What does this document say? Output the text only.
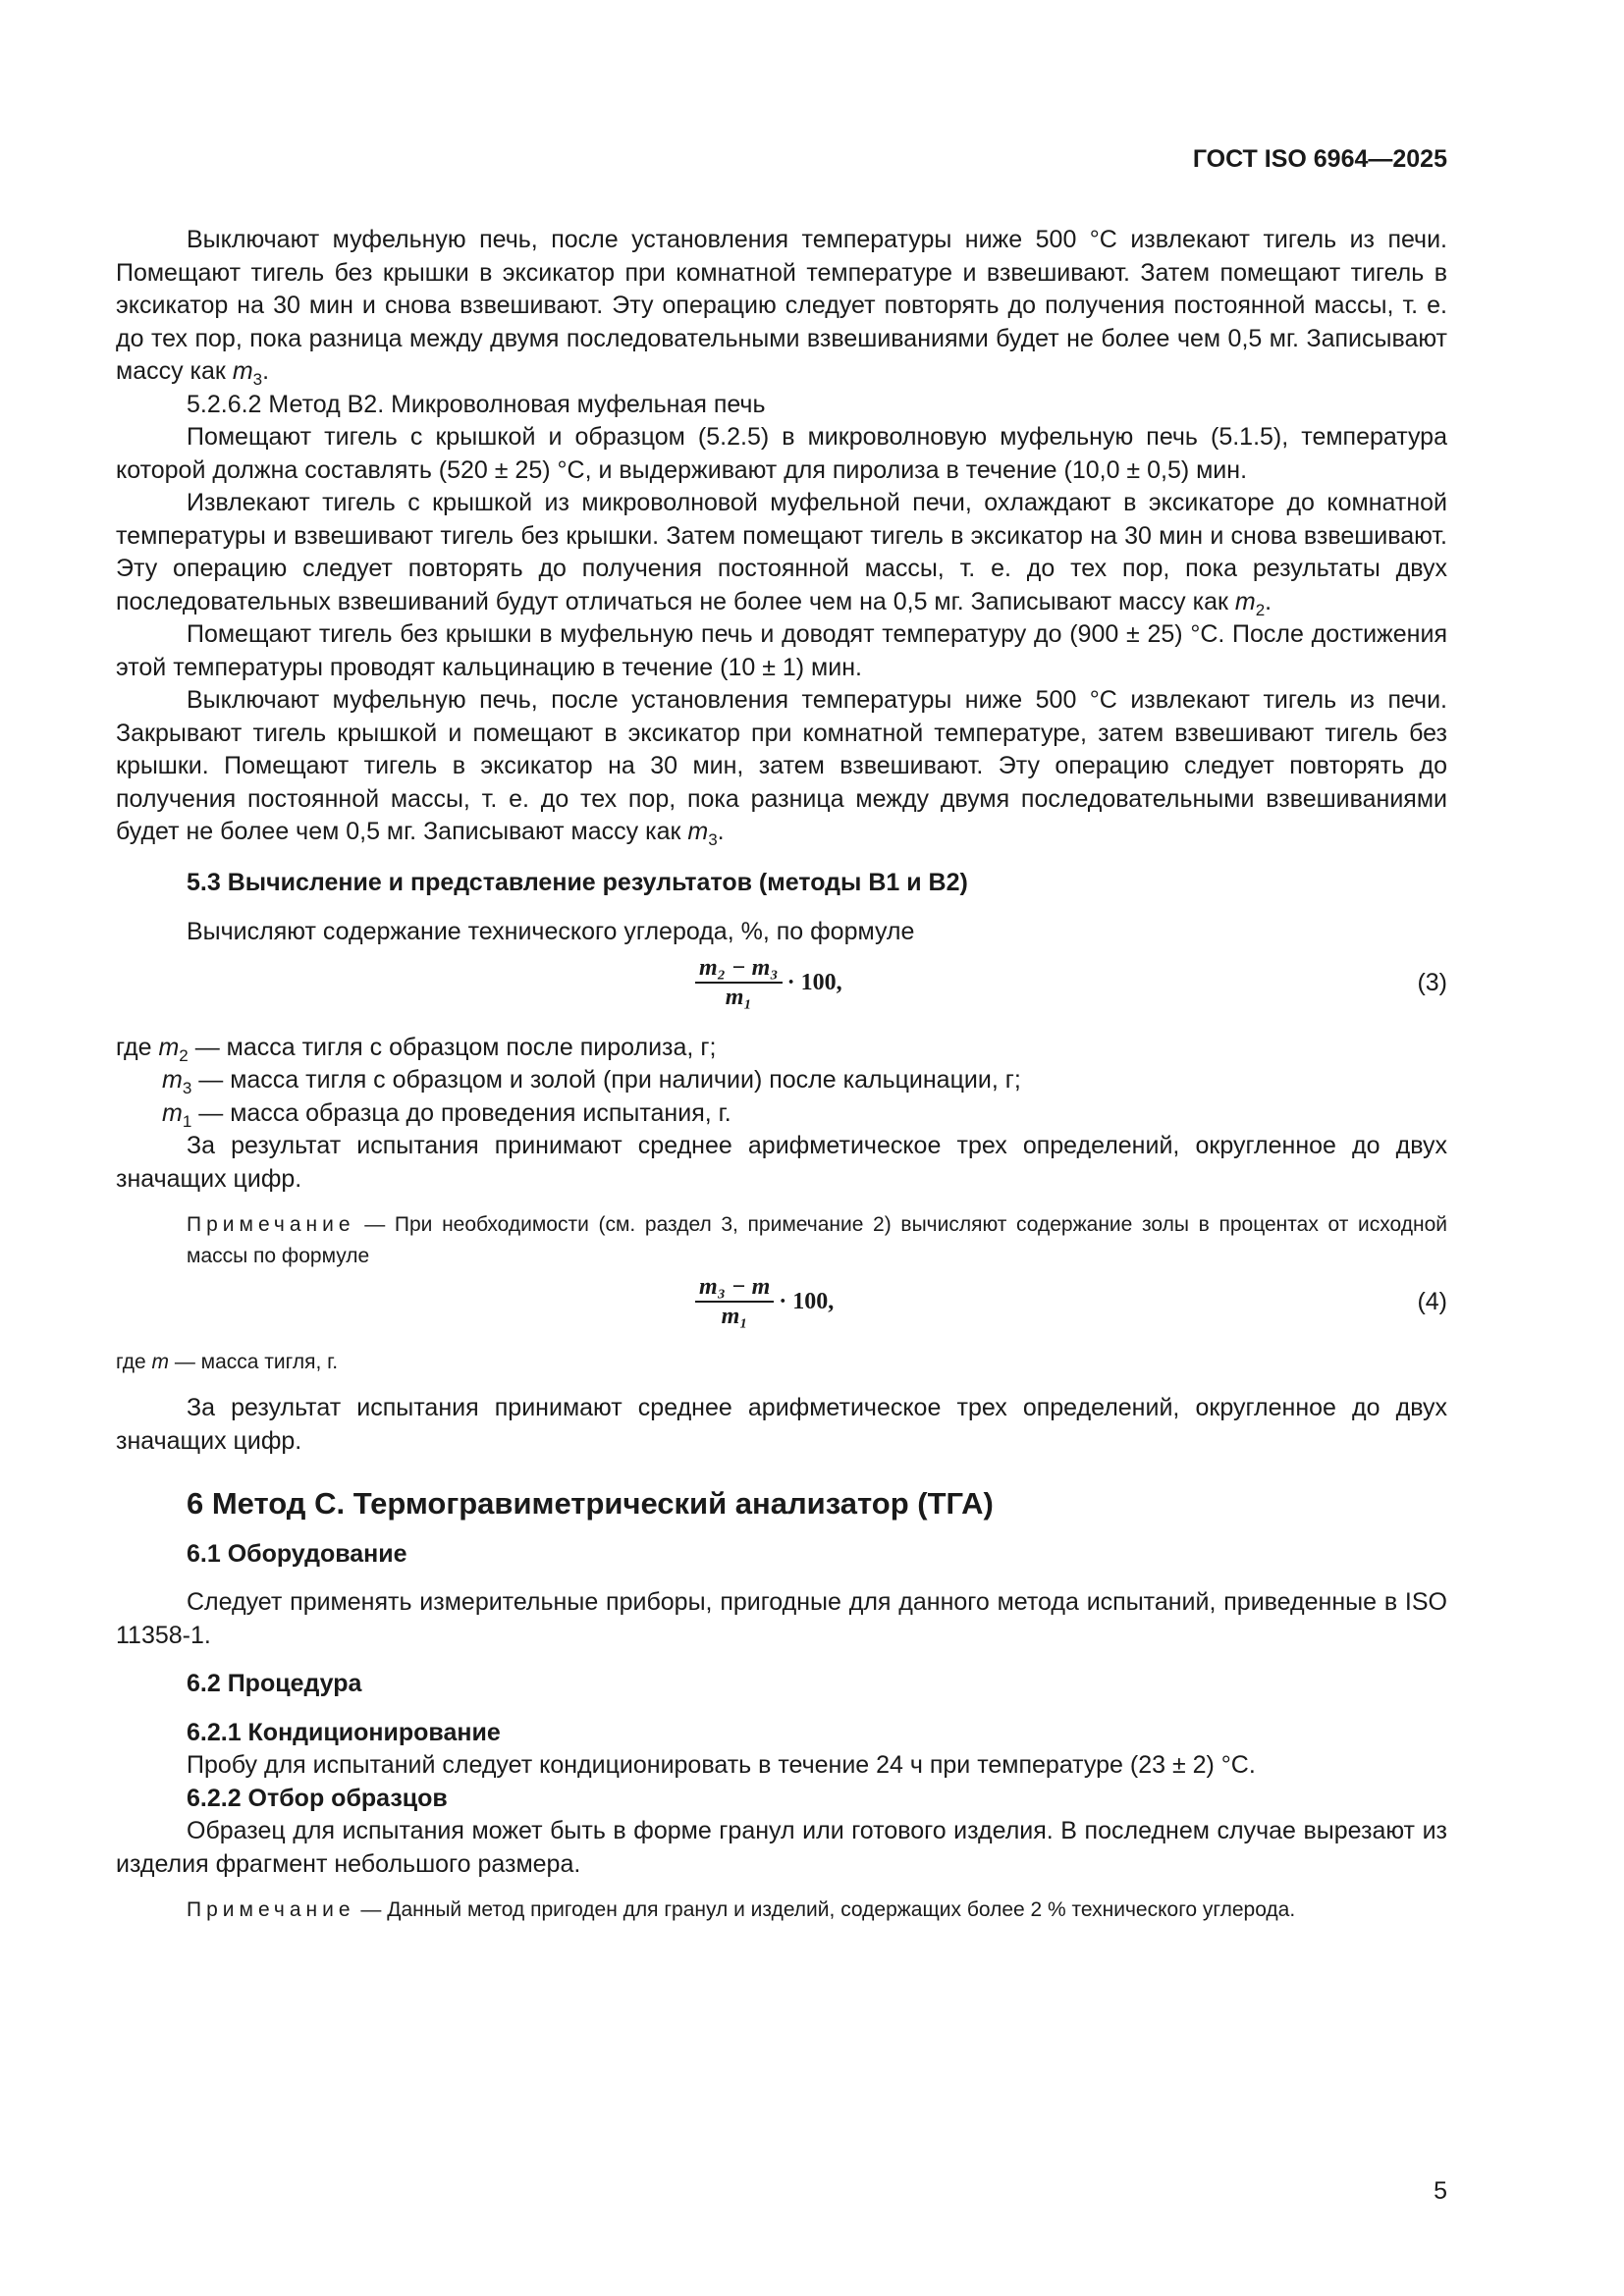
ГОСТ ISO 6964—2025

Выключают муфельную печь, после установления температуры ниже 500 °C извлекают тигель из печи. Помещают тигель без крышки в эксикатор при комнатной температуре и взвешивают. Затем помещают тигель в эксикатор на 30 мин и снова взвешивают. Эту операцию следует повторять до получения постоянной массы, т. е. до тех пор, пока разница между двумя последовательными взвешиваниями будет не более чем 0,5 мг. Записывают массу как $m_3$.

5.2.6.2 Метод B2. Микроволновая муфельная печь

Помещают тигель с крышкой и образцом (5.2.5) в микроволновую муфельную печь (5.1.5), температура которой должна составлять (520 ± 25) °C, и выдерживают для пиролиза в течение (10,0 ± 0,5) мин.

Извлекают тигель с крышкой из микроволновой муфельной печи, охлаждают в эксикаторе до комнатной температуры и взвешивают тигель без крышки. Затем помещают тигель в эксикатор на 30 мин и снова взвешивают. Эту операцию следует повторять до получения постоянной массы, т. е. до тех пор, пока результаты двух последовательных взвешиваний будут отличаться не более чем на 0,5 мг. Записывают массу как $m_2$.

Помещают тигель без крышки в муфельную печь и доводят температуру до (900 ± 25) °C. После достижения этой температуры проводят кальцинацию в течение (10 ± 1) мин.

Выключают муфельную печь, после установления температуры ниже 500 °C извлекают тигель из печи. Закрывают тигель крышкой и помещают в эксикатор при комнатной температуре, затем взвешивают тигель без крышки. Помещают тигель в эксикатор на 30 мин, затем взвешивают. Эту операцию следует повторять до получения постоянной массы, т. е. до тех пор, пока разница между двумя последовательными взвешиваниями будет не более чем 0,5 мг. Записывают массу как $m_3$.

5.3 Вычисление и представление результатов (методы B1 и B2)

Вычисляют содержание технического углерода, %, по формуле

$\frac{\text{m₂ − m₃}}{\text{m₁}} \cdot 100$,	(3)
где $m_2$ — масса тигля с образцом после пиролиза, г;
$m_3$ — масса тигля с образцом и золой (при наличии) после кальцинации, г;
$m_1$ — масса образца до проведения испытания, г.

За результат испытания принимают среднее арифметическое трех определений, округленное до двух значащих цифр.

Примечание — При необходимости (см. раздел 3, примечание 2) вычисляют содержание золы в процентах от исходной массы по формуле

$\frac{\text{m₃ − m}}{\text{m₁}} \cdot 100$,	(4)
где m — масса тигля, г.

За результат испытания принимают среднее арифметическое трех определений, округленное до двух значащих цифр.

6 Метод С. Термогравиметрический анализатор (ТГА)

6.1 Оборудование

Следует применять измерительные приборы, пригодные для данного метода испытаний, приведенные в ISO 11358-1.

6.2 Процедура

6.2.1 Кондиционирование

Пробу для испытаний следует кондиционировать в течение 24 ч при температуре (23 ± 2) °C.

6.2.2 Отбор образцов

Образец для испытания может быть в форме гранул или готового изделия. В последнем случае вырезают из изделия фрагмент небольшого размера.

Примечание — Данный метод пригоден для гранул и изделий, содержащих более 2 % технического углерода.

5
